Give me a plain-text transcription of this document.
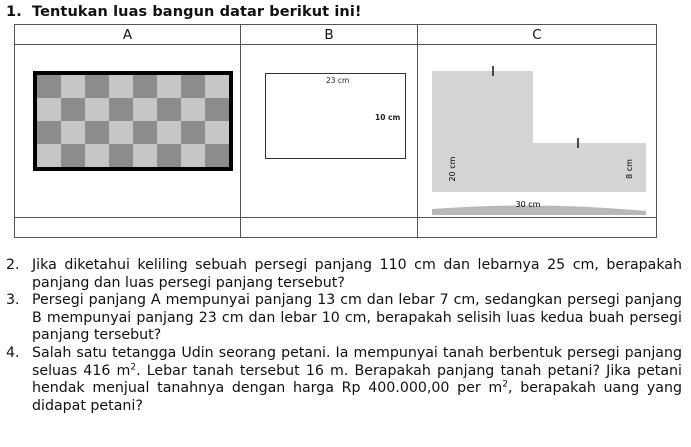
1. Tentukan luas bangun datar berikut ini!
A	B	C

23 cm
10 cm	20 cm 8 cm
30 cm

2. Jika diketahui keliling sebuah persegi panjang 110 cm dan lebarnya 25 cm, berapakah panjang dan luas persegi panjang tersebut?
3. Persegi panjang A mempunyai panjang 13 cm dan lebar 7 cm, sedangkan persegi panjang B mempunyai panjang 23 cm dan lebar 10 cm, berapakah selisih luas kedua buah persegi panjang tersebut?
4. Salah satu tetangga Udin seorang petani. Ia mempunyai tanah berbentuk persegi panjang seluas 416 $m^2$. Lebar tanah tersebut 16 m. Berapakah panjang tanah petani? Jika petani hendak menjual tanahnya dengan harga Rp 400.000,00 per $m^2$, berapakah uang yang didapat petani?
